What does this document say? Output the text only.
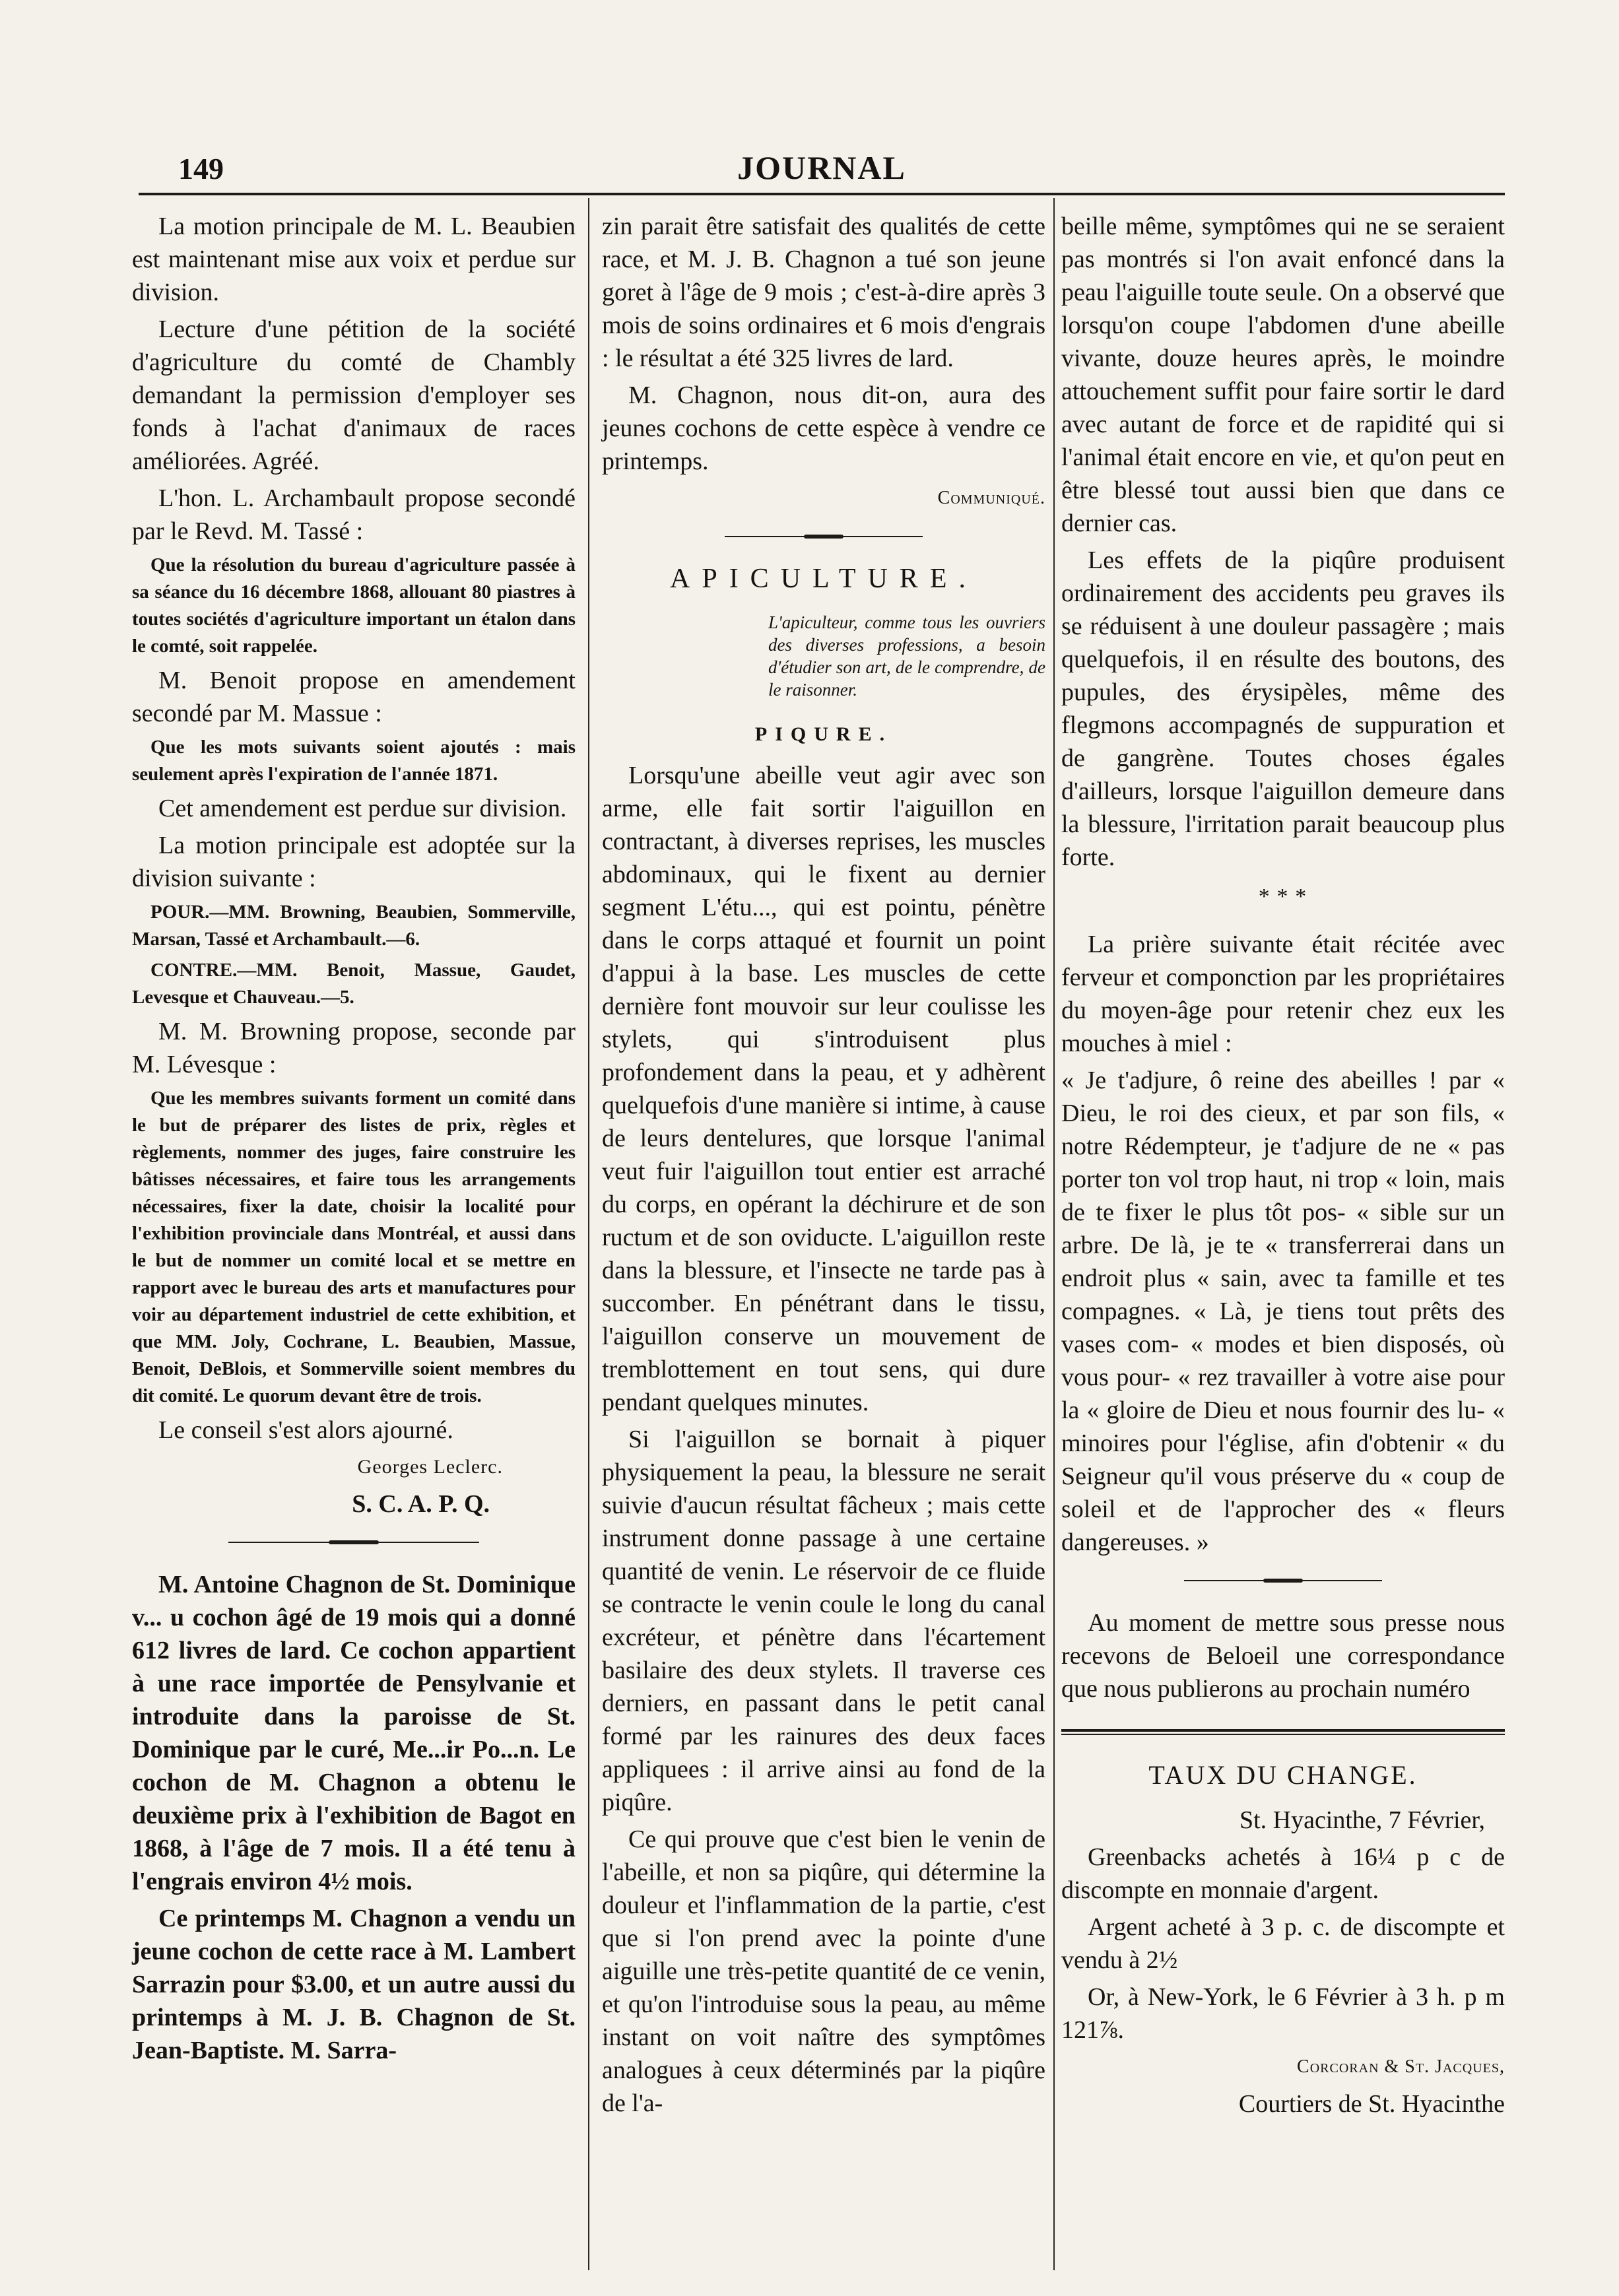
149	JOURNAL

La motion principale de M. L. Beaubien est maintenant mise aux voix et perdue sur division.

Lecture d'une pétition de la société d'agriculture du comté de Chambly demandant la permission d'employer ses fonds à l'achat d'animaux de races améliorées. Agréé.

L'hon. L. Archambault propose secondé par le Revd. M. Tassé :

Que la résolution du bureau d'agriculture passée à sa séance du 16 décembre 1868, allouant 80 piastres à toutes sociétés d'agriculture important un étalon dans le comté, soit rappelée.

M. Benoit propose en amendement secondé par M. Massue :

Que les mots suivants soient ajoutés : mais seulement après l'expiration de l'année 1871.

Cet amendement est perdue sur division.

La motion principale est adoptée sur la division suivante :

POUR.—MM. Browning, Beaubien, Sommerville, Marsan, Tassé et Archambault.—6.

CONTRE.—MM. Benoit, Massue, Gaudet, Levesque et Chauveau.—5.

M. M. Browning propose, seconde par M. Lévesque :

Que les membres suivants forment un comité dans le but de préparer des listes de prix, règles et règlements, nommer des juges, faire construire les bâtisses nécessaires, et faire tous les arrangements nécessaires, fixer la date, choisir la localité pour l'exhibition provinciale dans Montréal, et aussi dans le but de nommer un comité local et se mettre en rapport avec le bureau des arts et manufactures pour voir au département industriel de cette exhibition, et que MM. Joly, Cochrane, L. Beaubien, Massue, Benoit, DeBlois, et Sommerville soient membres du dit comité. Le quorum devant être de trois.

Le conseil s'est alors ajourné.

Georges Leclerc.

S. C. A. P. Q.

M. Antoine Chagnon de St. Dominique v... u cochon âgé de 19 mois qui a donné 612 livres de lard. Ce cochon appartient à une race importée de Pensylvanie et introduite dans la paroisse de St. Dominique par le curé, Me...ir Po...n. Le cochon de M. Chagnon a obtenu le deuxième prix à l'exhibition de Bagot en 1868, à l'âge de 7 mois. Il a été tenu à l'engrais environ 4½ mois.

Ce printemps M. Chagnon a vendu un jeune cochon de cette race à M. Lambert Sarrazin pour $3.00, et un autre aussi du printemps à M. J. B. Chagnon de St. Jean-Baptiste. M. Sarra-

zin parait être satisfait des qualités de cette race, et M. J. B. Chagnon a tué son jeune goret à l'âge de 9 mois ; c'est-à-dire après 3 mois de soins ordinaires et 6 mois d'engrais : le résultat a été 325 livres de lard.

M. Chagnon, nous dit-on, aura des jeunes cochons de cette espèce à vendre ce printemps.

Communiqué.

APICULTURE.
L'apiculteur, comme tous les ouvriers des diverses professions, a besoin d'étudier son art, de le comprendre, de le raisonner.
PIQURE.

Lorsqu'une abeille veut agir avec son arme, elle fait sortir l'aiguillon en contractant, à diverses reprises, les muscles abdominaux, qui le fixent au dernier segment L'étu..., qui est pointu, pénètre dans le corps attaqué et fournit un point d'appui à la base. Les muscles de cette dernière font mouvoir sur leur coulisse les stylets, qui s'introduisent plus profondement dans la peau, et y adhèrent quelquefois d'une manière si intime, à cause de leurs dentelures, que lorsque l'animal veut fuir l'aiguillon tout entier est arraché du corps, en opérant la déchirure et de son ructum et de son oviducte. L'aiguillon reste dans la blessure, et l'insecte ne tarde pas à succomber. En pénétrant dans le tissu, l'aiguillon conserve un mouvement de tremblottement en tout sens, qui dure pendant quelques minutes.

Si l'aiguillon se bornait à piquer physiquement la peau, la blessure ne serait suivie d'aucun résultat fâcheux ; mais cette instrument donne passage à une certaine quantité de venin. Le réservoir de ce fluide se contracte le venin coule le long du canal excréteur, et pénètre dans l'écartement basilaire des deux stylets. Il traverse ces derniers, en passant dans le petit canal formé par les rainures des deux faces appliquees : il arrive ainsi au fond de la piqûre.

Ce qui prouve que c'est bien le venin de l'abeille, et non sa piqûre, qui détermine la douleur et l'inflammation de la partie, c'est que si l'on prend avec la pointe d'une aiguille une très-petite quantité de ce venin, et qu'on l'introduise sous la peau, au même instant on voit naître des symptômes analogues à ceux déterminés par la piqûre de l'a-

beille même, symptômes qui ne se seraient pas montrés si l'on avait enfoncé dans la peau l'aiguille toute seule. On a observé que lorsqu'on coupe l'abdomen d'une abeille vivante, douze heures après, le moindre attouchement suffit pour faire sortir le dard avec autant de force et de rapidité qui si l'animal était encore en vie, et qu'on peut en être blessé tout aussi bien que dans ce dernier cas.

Les effets de la piqûre produisent ordinairement des accidents peu graves ils se réduisent à une douleur passagère ; mais quelquefois, il en résulte des boutons, des pupules, des érysipèles, même des flegmons accompagnés de suppuration et de gangrène. Toutes choses égales d'ailleurs, lorsque l'aiguillon demeure dans la blessure, l'irritation parait beaucoup plus forte.

* * *

La prière suivante était récitée avec ferveur et componction par les propriétaires du moyen-âge pour retenir chez eux les mouches à miel :

« Je t'adjure, ô reine des abeilles ! par « Dieu, le roi des cieux, et par son fils, « notre Rédempteur, je t'adjure de ne « pas porter ton vol trop haut, ni trop « loin, mais de te fixer le plus tôt pos- « sible sur un arbre. De là, je te « transferrerai dans un endroit plus « sain, avec ta famille et tes compagnes. « Là, je tiens tout prêts des vases com- « modes et bien disposés, où vous pour- « rez travailler à votre aise pour la « gloire de Dieu et nous fournir des lu- « minoires pour l'église, afin d'obtenir « du Seigneur qu'il vous préserve du « coup de soleil et de l'approcher des « fleurs dangereuses. »

Au moment de mettre sous presse nous recevons de Beloeil une correspondance que nous publierons au prochain numéro

TAUX DU CHANGE.

St. Hyacinthe, 7 Février,

Greenbacks achetés à 16¼ p c de discompte en monnaie d'argent.

Argent acheté à 3 p. c. de discompte et vendu à 2½

Or, à New-York, le 6 Février à 3 h. p m 121⅞.

Corcoran & St. Jacques,

Courtiers de St. Hyacinthe
